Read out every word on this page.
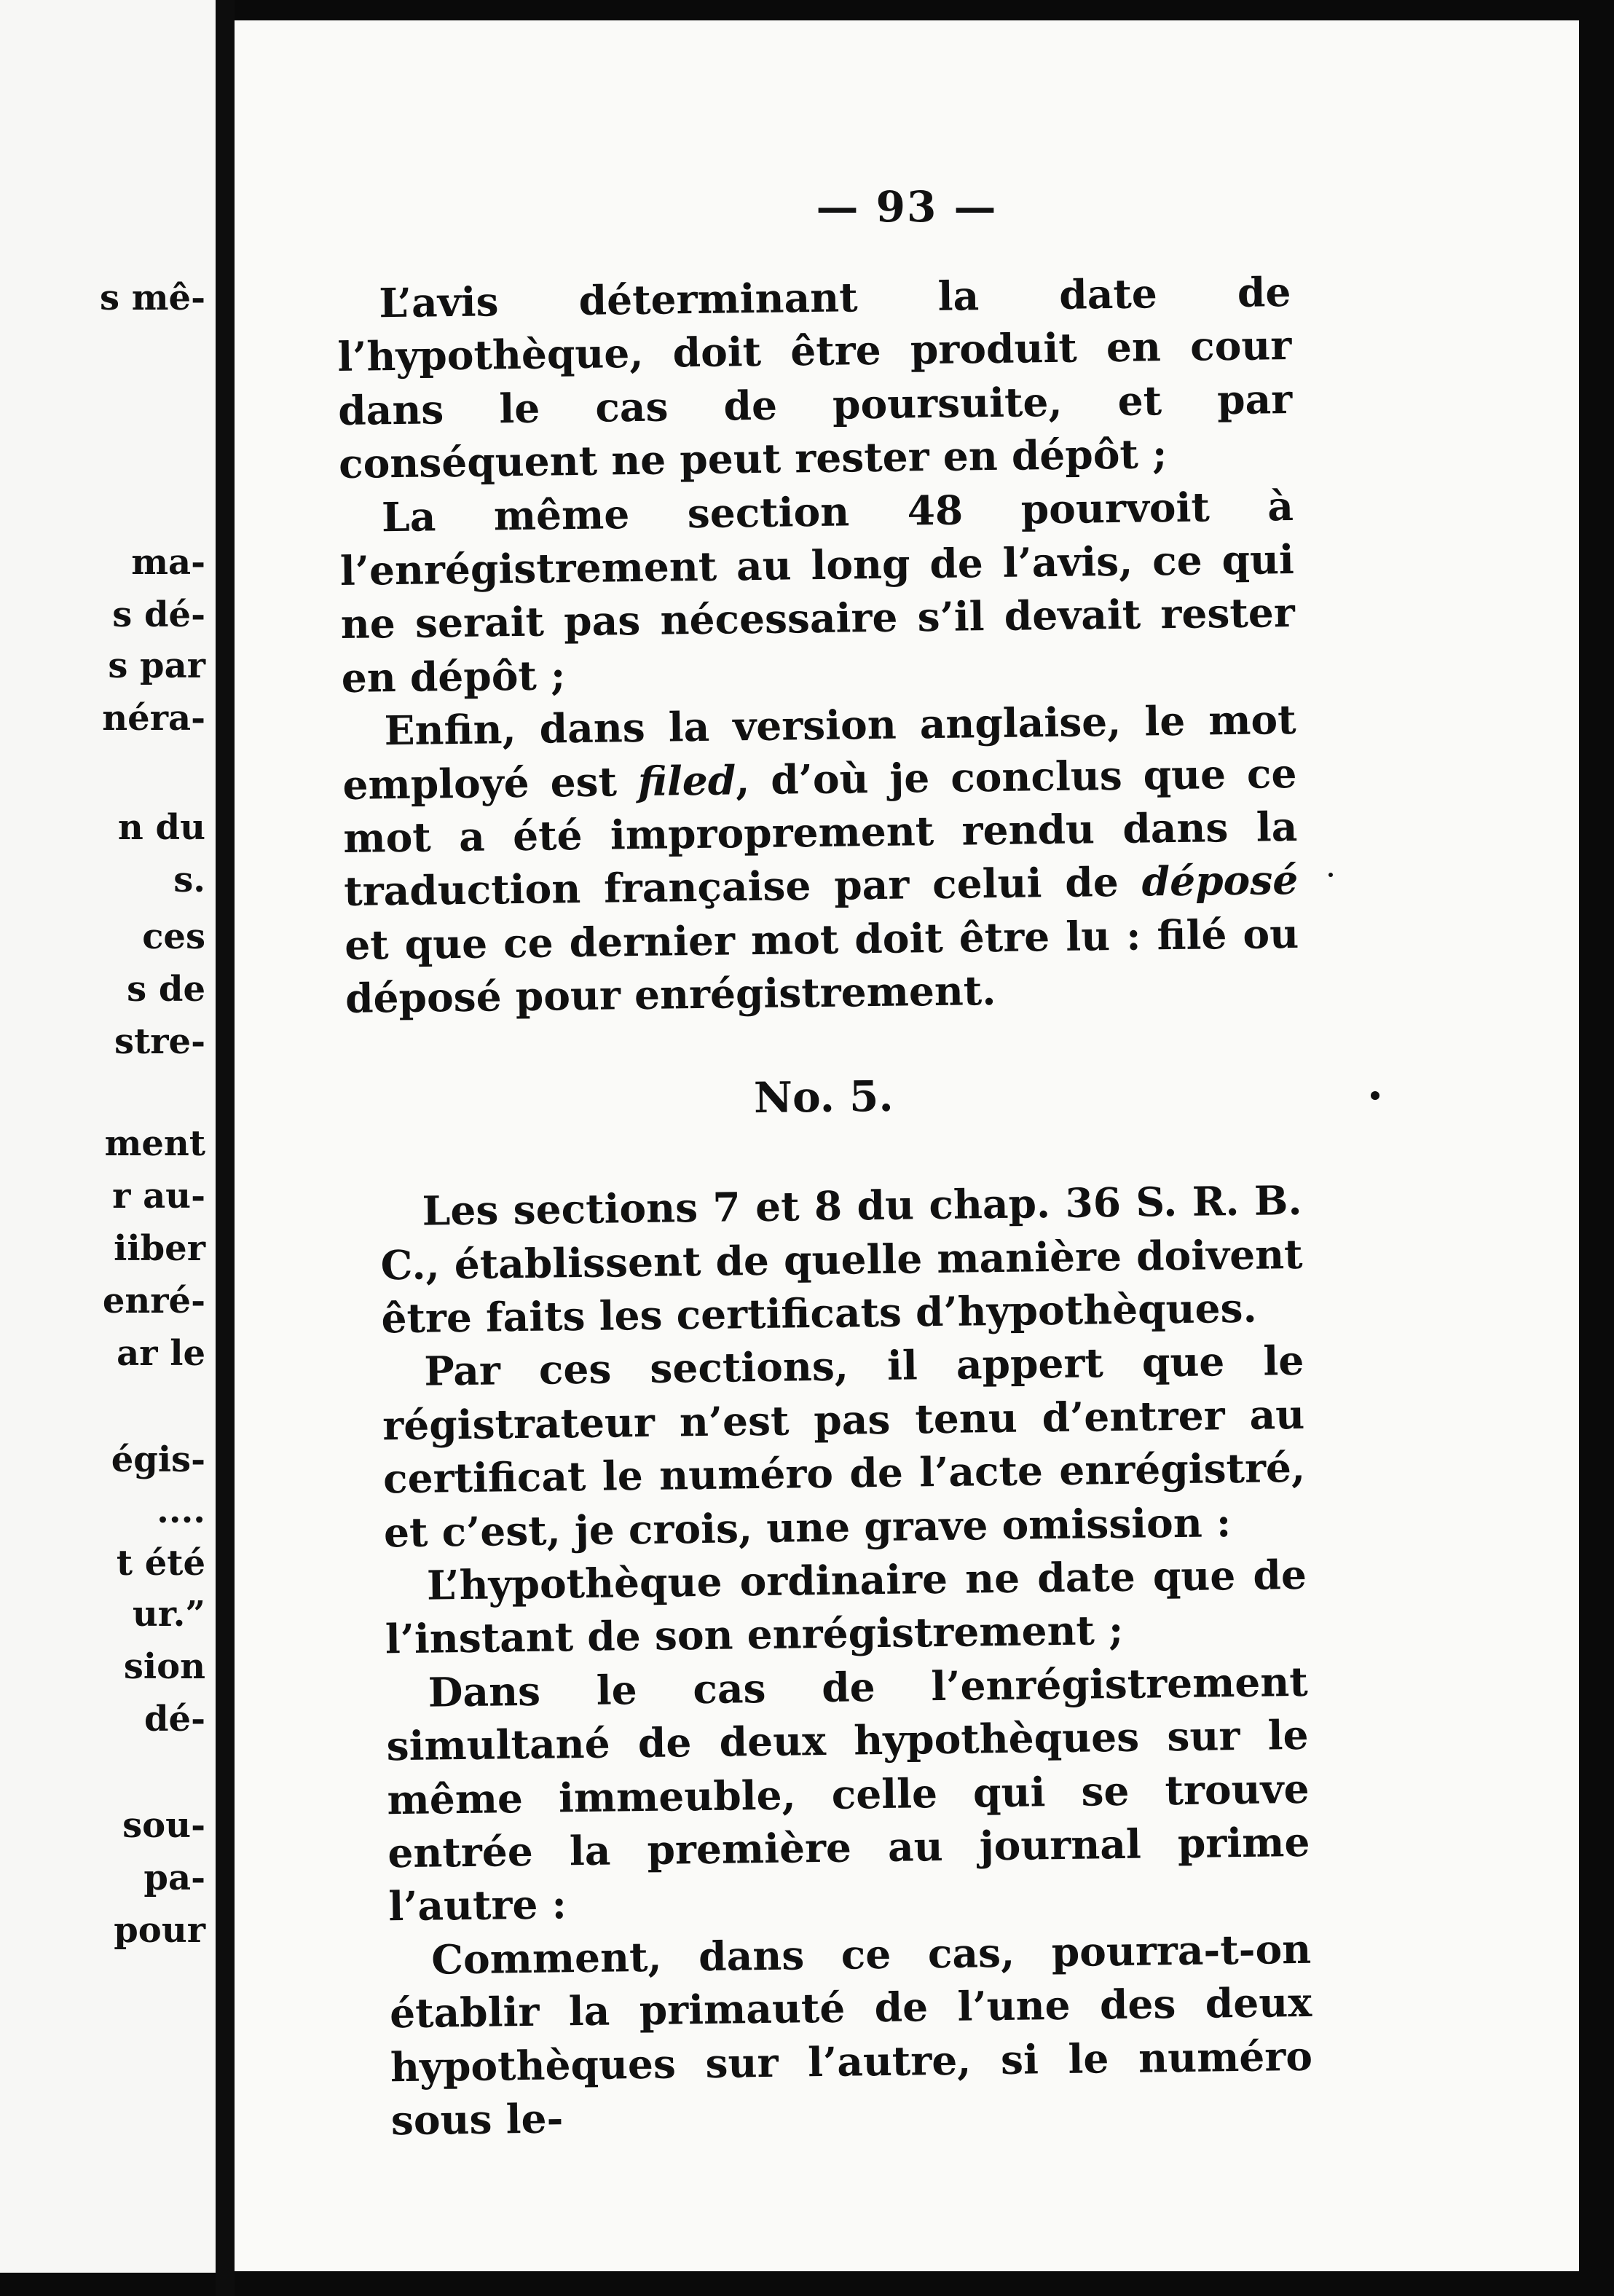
s mê-
ma-
s dé-
s par
néra-
n du
s.
ces
s de
stre-
ment
r au-
iiber
enré-
ar le
égis-
....
t été
ur.”
sion
dé-
sou-
pa-
pour
— 93 —

L’avis déterminant la date de l’hypothèque, doit être produit en cour dans le cas de poursuite, et par conséquent ne peut rester en dépôt ;

La même section 48 pourvoit à l’enrégistrement au long de l’avis, ce qui ne serait pas nécessaire s’il devait rester en dépôt ;

Enfin, dans la version anglaise, le mot employé est filed, d’où je conclus que ce mot a été improprement rendu dans la traduction française par celui de déposé et que ce dernier mot doit être lu : filé ou déposé pour enrégistrement.

No. 5.

Les sections 7 et 8 du chap. 36 S. R. B. C., établissent de quelle manière doivent être faits les certificats d’hypothèques.

Par ces sections, il appert que le régistrateur n’est pas tenu d’entrer au certificat le numéro de l’acte enrégistré, et c’est, je crois, une grave omission :

L’hypothèque ordinaire ne date que de l’instant de son enrégistrement ;

Dans le cas de l’enrégistrement simultané de deux hypothèques sur le même immeuble, celle qui se trouve entrée la première au journal prime l’autre :

Comment, dans ce cas, pourra-t-on établir la primauté de l’une des deux hypothèques sur l’autre, si le numéro sous le-
